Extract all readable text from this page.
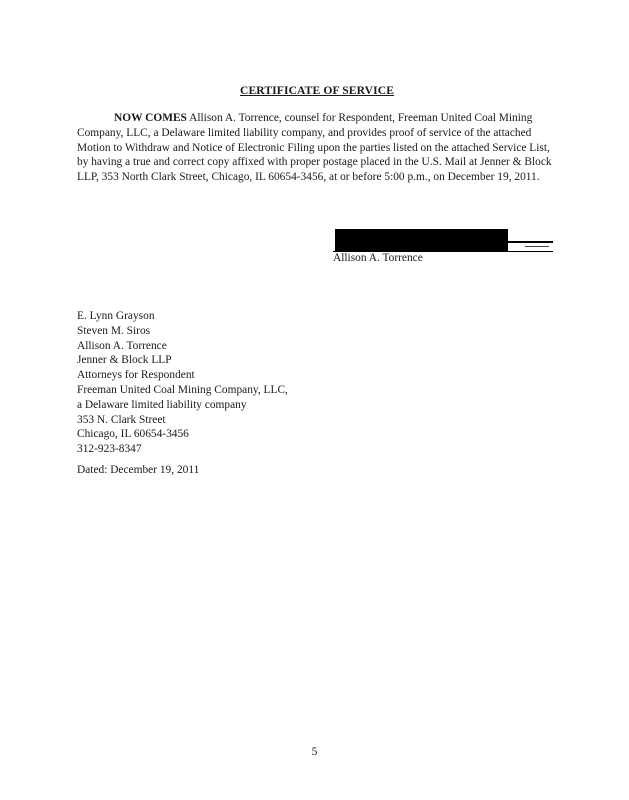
CERTIFICATE OF SERVICE
NOW COMES Allison A. Torrence, counsel for Respondent, Freeman United Coal Mining Company, LLC, a Delaware limited liability company, and provides proof of service of the attached Motion to Withdraw and Notice of Electronic Filing upon the parties listed on the attached Service List, by having a true and correct copy affixed with proper postage placed in the U.S. Mail at Jenner & Block LLP, 353 North Clark Street, Chicago, IL 60654-3456, at or before 5:00 p.m., on December 19, 2011.
Allison A. Torrence
E. Lynn Grayson
Steven M. Siros
Allison A. Torrence
Jenner & Block LLP
Attorneys for Respondent
Freeman United Coal Mining Company, LLC,
a Delaware limited liability company
353 N. Clark Street
Chicago, IL 60654-3456
312-923-8347
Dated: December 19, 2011
5
